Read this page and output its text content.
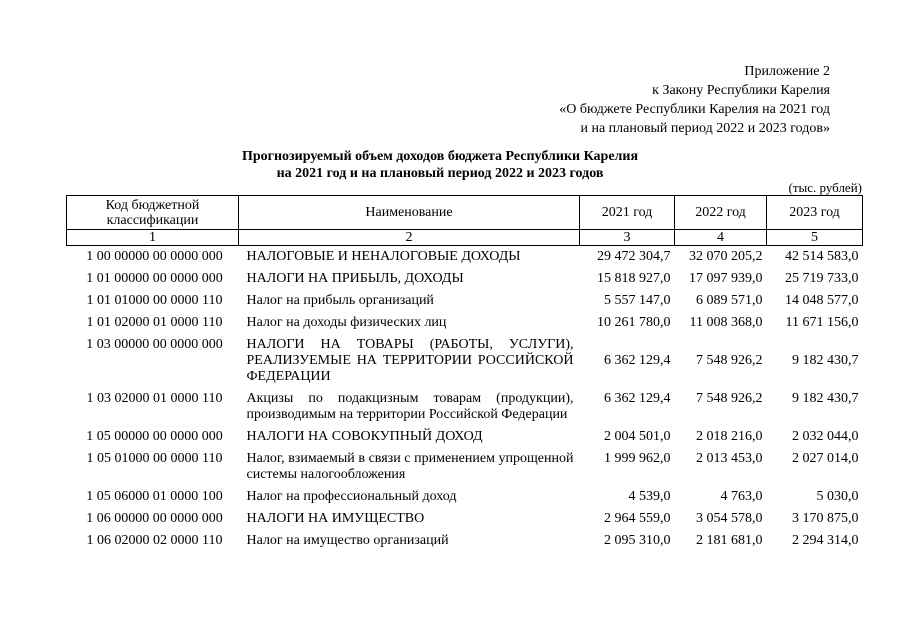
Приложение 2
к Закону Республики Карелия
«О бюджете Республики Карелия на 2021 год
и на плановый период 2022 и 2023 годов»
Прогнозируемый объем доходов бюджета Республики Карелия
на 2021 год и на плановый период 2022 и 2023 годов
(тыс. рублей)
Код бюджетной классификации	Наименование	2021 год	2022 год	2023 год
1	2	3	4	5
1 00 00000 00 0000 000	НАЛОГОВЫЕ И НЕНАЛОГОВЫЕ ДОХОДЫ	29 472 304,7	32 070 205,2	42 514 583,0
1 01 00000 00 0000 000	НАЛОГИ НА ПРИБЫЛЬ, ДОХОДЫ	15 818 927,0	17 097 939,0	25 719 733,0
1 01 01000 00 0000 110	Налог на прибыль организаций	5 557 147,0	6 089 571,0	14 048 577,0
1 01 02000 01 0000 110	Налог на доходы физических лиц	10 261 780,0	11 008 368,0	11 671 156,0
1 03 00000 00 0000 000	НАЛОГИ НА ТОВАРЫ (РАБОТЫ, УСЛУГИ), РЕАЛИЗУЕМЫЕ НА ТЕРРИТОРИИ РОССИЙСКОЙ ФЕДЕРАЦИИ	6 362 129,4	7 548 926,2	9 182 430,7
1 03 02000 01 0000 110	Акцизы по подакцизным товарам (продукции), производимым на территории Российской Федерации	6 362 129,4	7 548 926,2	9 182 430,7
1 05 00000 00 0000 000	НАЛОГИ НА СОВОКУПНЫЙ ДОХОД	2 004 501,0	2 018 216,0	2 032 044,0
1 05 01000 00 0000 110	Налог, взимаемый в связи с применением упрощенной системы налогообложения	1 999 962,0	2 013 453,0	2 027 014,0
1 05 06000 01 0000 100	Налог на профессиональный доход	4 539,0	4 763,0	5 030,0
1 06 00000 00 0000 000	НАЛОГИ НА ИМУЩЕСТВО	2 964 559,0	3 054 578,0	3 170 875,0
1 06 02000 02 0000 110	Налог на имущество организаций	2 095 310,0	2 181 681,0	2 294 314,0
